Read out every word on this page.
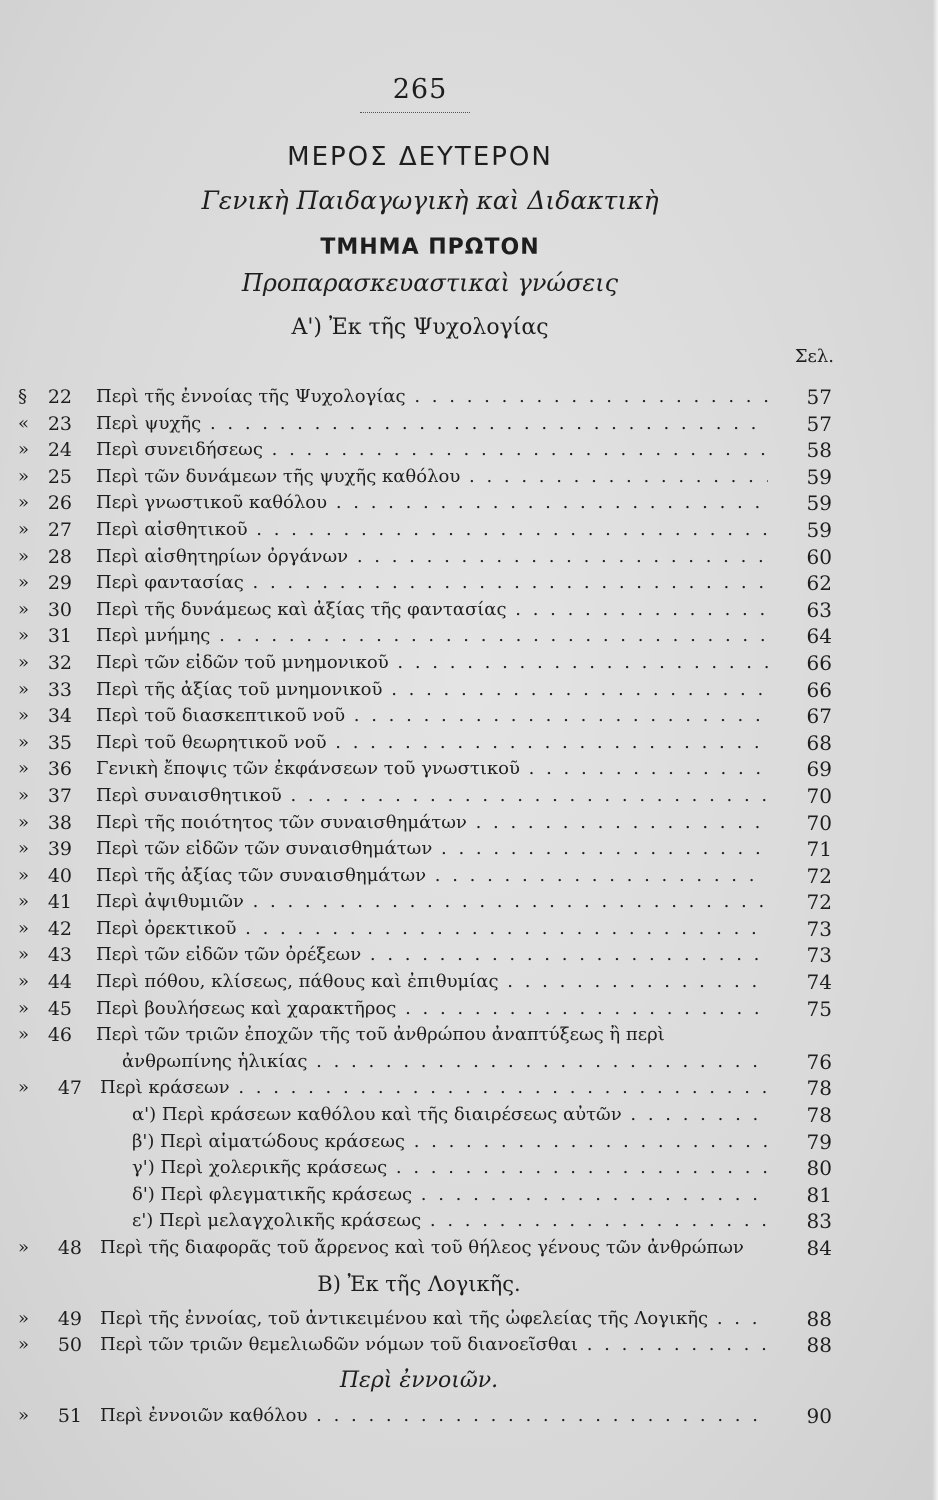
265
ΜΕΡΟΣ ΔΕΥΤΕΡΟΝ
Γενικὴ Παιδαγωγικὴ καὶ Διδακτικὴ
ΤΜΗΜΑ ΠΡΩΤΟΝ
Προπαρασκευαστικαὶ γνώσεις
Α') Ἐκ τῆς Ψυχολογίας
Σελ.
§	22 Περὶ τῆς ἐννοίας τῆς Ψυχολογίας . . .	57
« 23 Περὶ ψυχῆς . . .	57
» 24 Περὶ συνειδήσεως . . .	58
» 25 Περὶ τῶν δυνάμεων τῆς ψυχῆς καθόλου . . .	59
» 26 Περὶ γνωστικοῦ καθόλου . . .	59
» 27 Περὶ αἰσθητικοῦ . . .	59
» 28 Περὶ αἰσθητηρίων ὀργάνων . . .	60
» 29 Περὶ φαντασίας . . .	62
» 30 Περὶ τῆς δυνάμεως καὶ ἀξίας τῆς φαντασίας . . .	63
» 31 Περὶ μνήμης . . .	64
» 32 Περὶ τῶν εἰδῶν τοῦ μνημονικοῦ . . .	66
» 33 Περὶ τῆς ἀξίας τοῦ μνημονικοῦ . . .	66
» 34 Περὶ τοῦ διασκεπτικοῦ νοῦ . . .	67
» 35 Περὶ τοῦ θεωρητικοῦ νοῦ . . .	68
» 36 Γενικὴ ἔποψις τῶν ἐκφάνσεων τοῦ γνωστικοῦ . . .	69
» 37 Περὶ συναισθητικοῦ . . .	70
» 38 Περὶ τῆς ποιότητος τῶν συναισθημάτων . . .	70
» 39 Περὶ τῶν εἰδῶν τῶν συναισθημάτων . . .	71
» 40 Περὶ τῆς ἀξίας τῶν συναισθημάτων . . .	72
» 41 Περὶ ἀψιθυμιῶν . . .	72
» 42 Περὶ ὀρεκτικοῦ . . .	73
» 43 Περὶ τῶν εἰδῶν τῶν ὀρέξεων . . .	73
» 44 Περὶ πόθου, κλίσεως, πάθους καὶ ἐπιθυμίας . . .	74
» 45 Περὶ βουλήσεως καὶ χαρακτῆρος . . .	75
» 46 Περὶ τῶν τριῶν ἐποχῶν τῆς τοῦ ἀνθρώπου ἀναπτύξεως ἢ περὶ
ἀνθρωπίνης ἡλικίας . . .	76
»	47 Περὶ κράσεων . . .	78
α') Περὶ κράσεων καθόλου καὶ τῆς διαιρέσεως αὐτῶν . . .	78
β') Περὶ αἱματώδους κράσεως . . .	79
γ') Περὶ χολερικῆς κράσεως . . .	80
δ') Περὶ φλεγματικῆς κράσεως . . .	81
ε') Περὶ μελαγχολικῆς κράσεως . . .	83
»	48 Περὶ τῆς διαφορᾶς τοῦ ἄρρενος καὶ τοῦ θήλεος γένους τῶν ἀνθρώπων	84
Β) Ἐκ τῆς Λογικῆς.
»	49 Περὶ τῆς ἐννοίας, τοῦ ἀντικειμένου καὶ τῆς ὠφελείας τῆς Λογικῆς . . .	88
»	50 Περὶ τῶν τριῶν θεμελιωδῶν νόμων τοῦ διανοεῖσθαι . . .	88
Περὶ ἐννοιῶν.
»	51 Περὶ ἐννοιῶν καθόλου . . .	90
